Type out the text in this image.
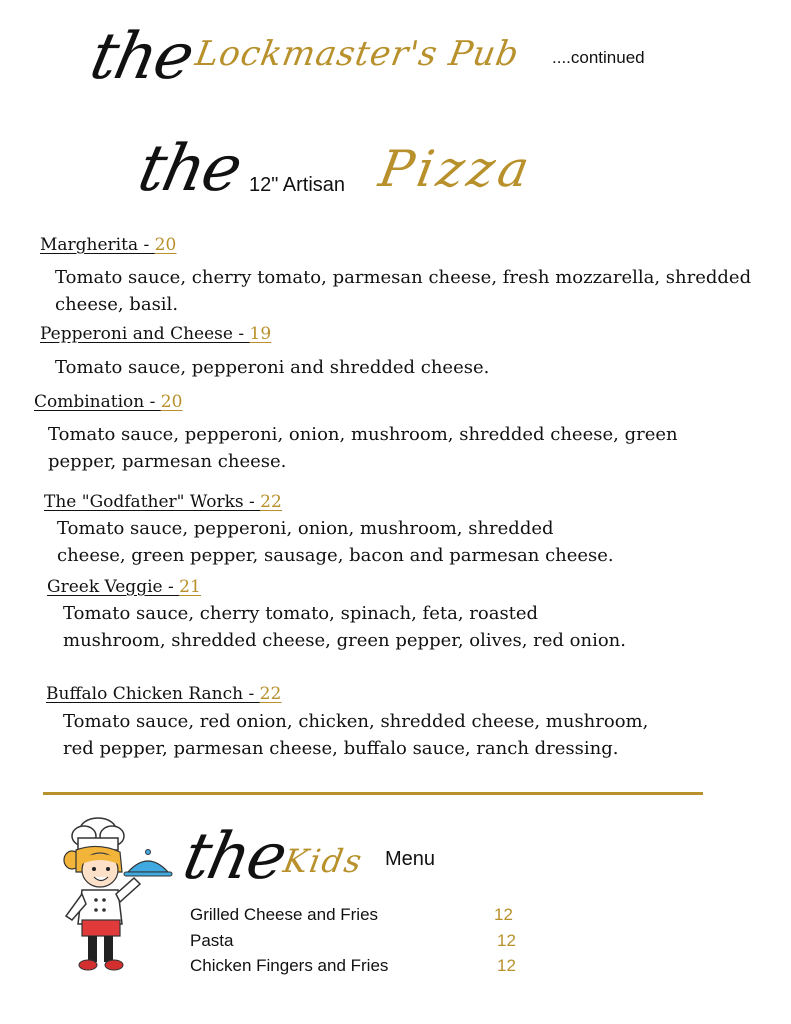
the
Lockmaster's Pub ....continued
the 12" Artisan Pizza
Margherita - 20
Tomato sauce, cherry tomato, parmesan cheese, fresh mozzarella, shredded cheese, basil.
Pepperoni and Cheese - 19
Tomato sauce, pepperoni and shredded cheese.
Combination - 20
Tomato sauce, pepperoni, onion, mushroom, shredded cheese, green pepper, parmesan cheese.
The "Godfather" Works - 22
Tomato sauce, pepperoni, onion, mushroom, shredded cheese, green pepper, sausage, bacon and parmesan cheese.
Greek Veggie - 21
Tomato sauce, cherry tomato, spinach, feta, roasted mushroom, shredded cheese, green pepper, olives, red onion.
Buffalo Chicken Ranch - 22
Tomato sauce, red onion, chicken, shredded cheese, mushroom, red pepper, parmesan cheese, buffalo sauce, ranch dressing.
the
Kids Menu
Grilled Cheese and Fries	12
Pasta	12
Chicken Fingers and Fries	12
